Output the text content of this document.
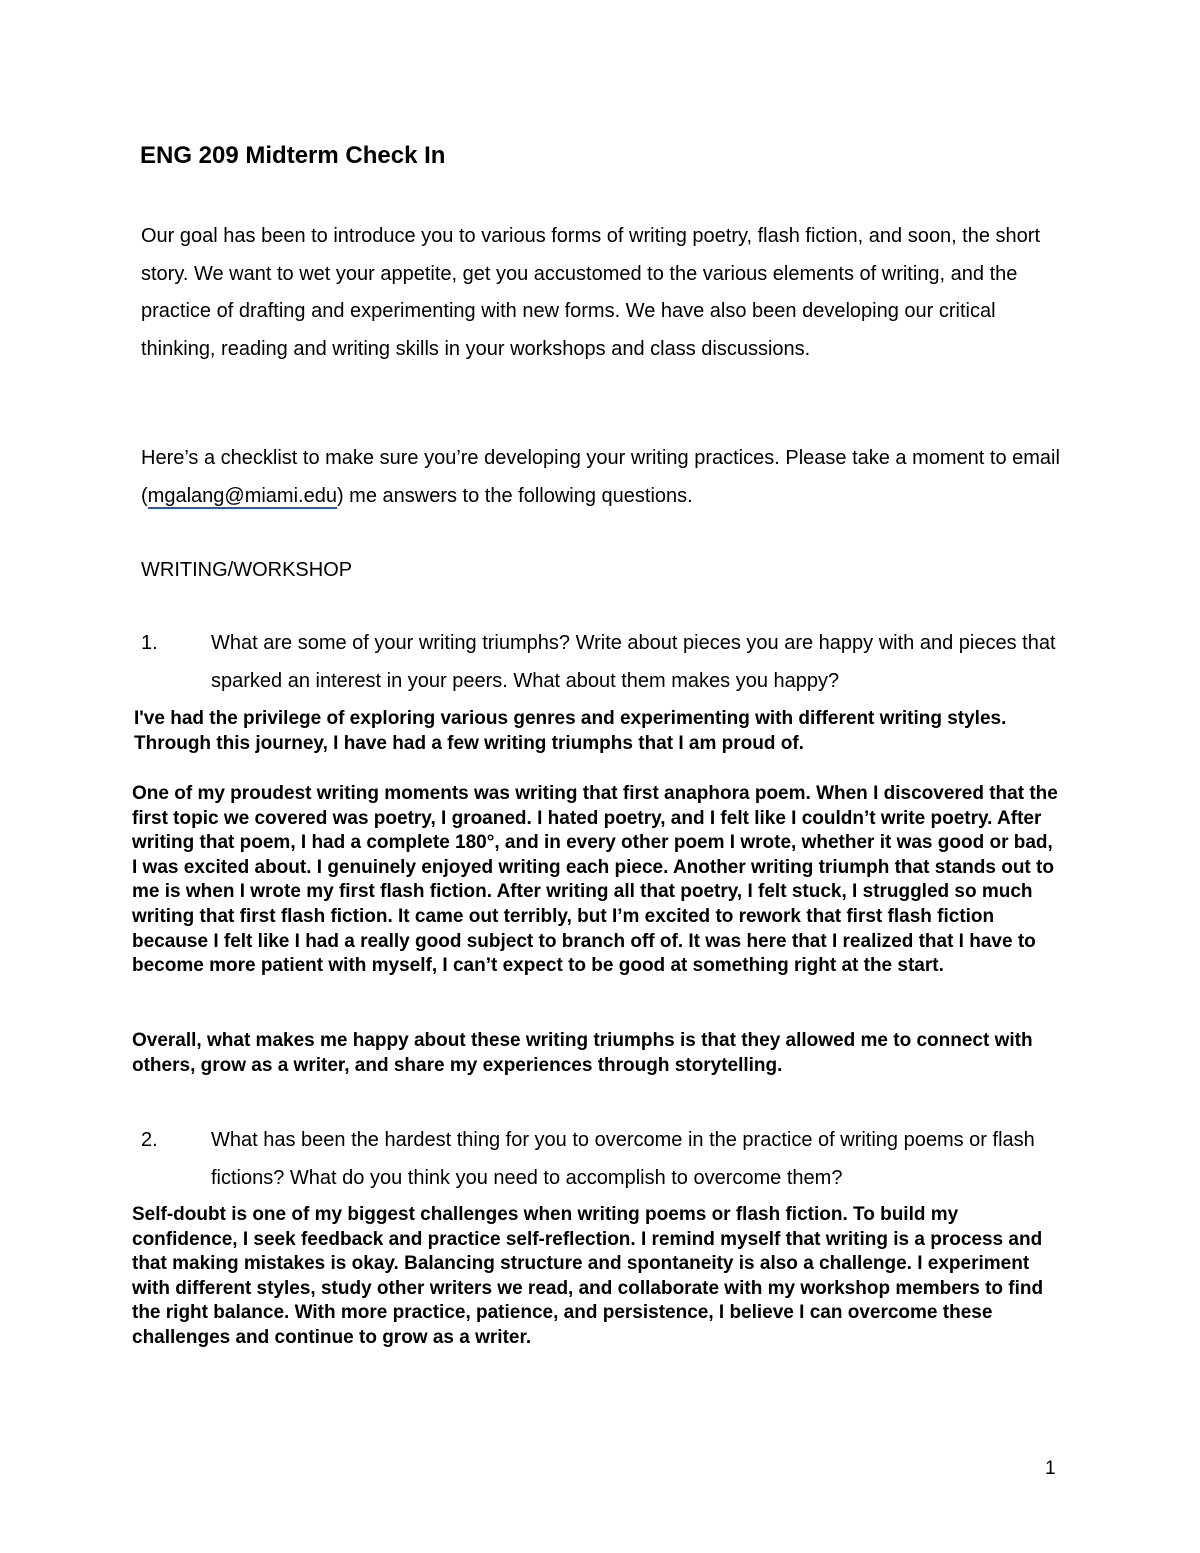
ENG 209 Midterm Check In

Our goal has been to introduce you to various forms of writing poetry, flash fiction, and soon, the short story. We want to wet your appetite, get you accustomed to the various elements of writing, and the practice of drafting and experimenting with new forms. We have also been developing our critical thinking, reading and writing skills in your workshops and class discussions.

Here’s a checklist to make sure you’re developing your writing practices. Please take a moment to email (mgalang@miami.edu) me answers to the following questions.

WRITING/WORKSHOP

1.	What are some of your writing triumphs? Write about pieces you are happy with and pieces that sparked an interest in your peers. What about them makes you happy?

I've had the privilege of exploring various genres and experimenting with different writing styles. Through this journey, I have had a few writing triumphs that I am proud of.

One of my proudest writing moments was writing that first anaphora poem. When I discovered that the first topic we covered was poetry, I groaned. I hated poetry, and I felt like I couldn’t write poetry. After writing that poem, I had a complete 180°, and in every other poem I wrote, whether it was good or bad, I was excited about. I genuinely enjoyed writing each piece. Another writing triumph that stands out to me is when I wrote my first flash fiction. After writing all that poetry, I felt stuck, I struggled so much writing that first flash fiction. It came out terribly, but I’m excited to rework that first flash fiction because I felt like I had a really good subject to branch off of. It was here that I realized that I have to become more patient with myself, I can’t expect to be good at something right at the start.

Overall, what makes me happy about these writing triumphs is that they allowed me to connect with others, grow as a writer, and share my experiences through storytelling.

2.	What has been the hardest thing for you to overcome in the practice of writing poems or flash fictions? What do you think you need to accomplish to overcome them?

Self-doubt is one of my biggest challenges when writing poems or flash fiction. To build my confidence, I seek feedback and practice self-reflection. I remind myself that writing is a process and that making mistakes is okay. Balancing structure and spontaneity is also a challenge. I experiment with different styles, study other writers we read, and collaborate with my workshop members to find the right balance. With more practice, patience, and persistence, I believe I can overcome these challenges and continue to grow as a writer.

1
